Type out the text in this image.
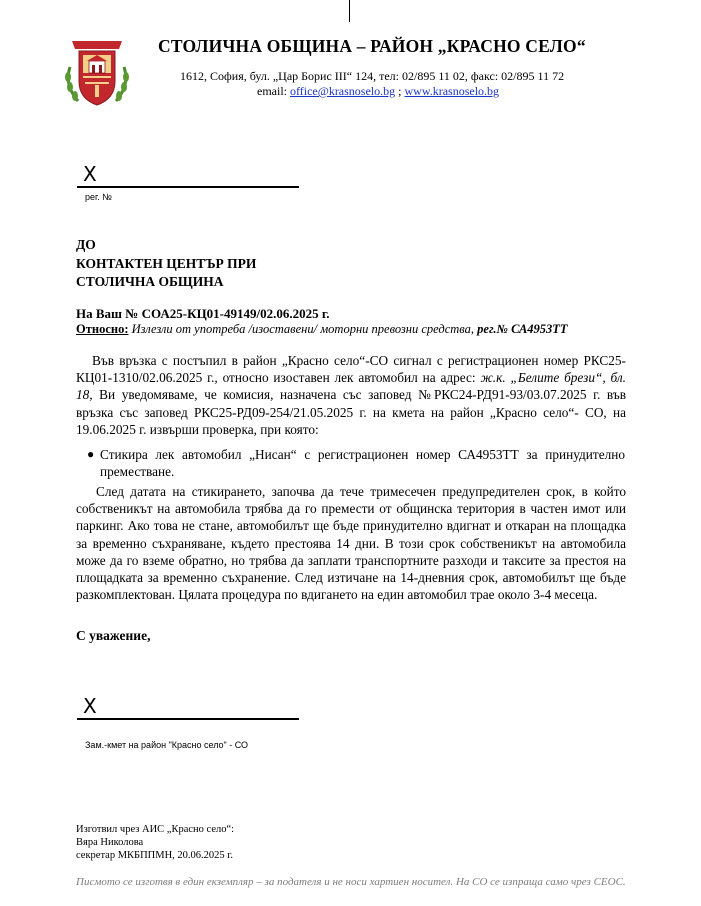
СТОЛИЧНА ОБЩИНА – РАЙОН „КРАСНО СЕЛО“
1612, София, бул. „Цар Борис III“ 124, тел: 02/895 11 02, факс: 02/895 11 72
email: office@krasnoselo.bg ; www.krasnoselo.bg
X
рег. №
ДО
КОНТАКТЕН ЦЕНТЪР ПРИ
СТОЛИЧНА ОБЩИНА
На Ваш № СОА25-КЦ01-49149/02.06.2025 г.
Относно: Излезли от употреба /изоставени/ моторни превозни средства, рег.№ СА4953ТТ
Във връзка с постъпил в район „Красно село“-СО сигнал с регистрационен номер РКС25-КЦ01-1310/02.06.2025 г., относно изоставен лек автомобил на адрес: ж.к. „Белите брези“, бл. 18, Ви уведомяваме, че комисия, назначена със заповед №РКС24-РД91-93/03.07.2025 г. във връзка със заповед РКС25-РД09-254/21.05.2025 г. на кмета на район „Красно село“- СО, на 19.06.2025 г. извърши проверка, при която:
● Стикира лек автомобил „Нисан“ с регистрационен номер СА4953ТТ за принудително преместване.
След датата на стикирането, започва да тече тримесечен предупредителен срок, в който собственикът на автомобила трябва да го премести от общинска територия в частен имот или паркинг. Ако това не стане, автомобилът ще бъде принудително вдигнат и откаран на площадка за временно съхраняване, където престоява 14 дни. В този срок собственикът на автомобила може да го вземе обратно, но трябва да заплати транспортните разходи и таксите за престоя на площадката за временно съхранение. След изтичане на 14-дневния срок, автомобилът ще бъде разкомплектован. Цялата процедура по вдигането на един автомобил трае около 3-4 месеца.
С уважение,
X
Зам.-кмет на район "Красно село" - СО
Изготвил чрез АИС „Красно село“:
Вяра Николова
секретар МКБППМН, 20.06.2025 г.
Писмото се изготвя в един екземпляр – за подателя и не носи хартиен носител. На СО се изпраща само чрез СЕОС.
